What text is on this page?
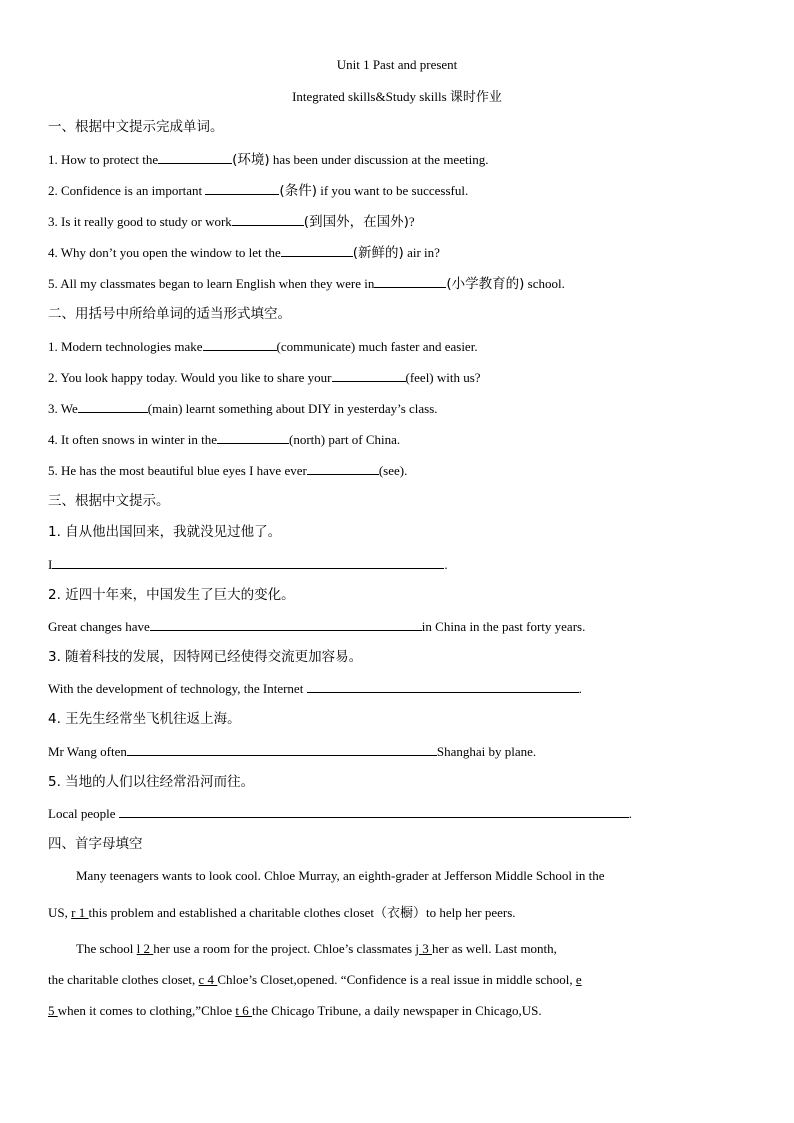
Unit 1 Past and present
Integrated skills&Study skills 课时作业
一、根据中文提示完成单词。
1. How to protect the	(环境) has been under discussion at the meeting.
2. Confidence is an important	(条件) if you want to be successful.
3. Is it really good to study or work	(到国外，在国外)?
4. Why don’t you open the window to let the	(新鲜的) air in?
5. All my classmates began to learn English when they were in	(小学教育的) school.
二、用括号中所给单词的适当形式填空。
1. Modern technologies make	(communicate) much faster and easier.
2. You look happy today. Would you like to share your	(feel) with us?
3. We	(main) learnt something about DIY in yesterday’s class.
4. It often snows in winter in the	(north) part of China.
5. He has the most beautiful blue eyes I have ever	(see).
三、根据中文提示。
1. 自从他出国回来，我就没见过他了。
I	.
2. 近四十年来，中国发生了巨大的变化。
Great changes have	in China in the past forty years.
3. 随着科技的发展，因特网已经使得交流更加容易。
With the development of technology, the Internet	.
4. 王先生经常坐飞机往返上海。
Mr Wang often	Shanghai by plane.
5. 当地的人们以往经常沿河而往。
Local people	.
四、首字母填空
Many teenagers wants to look cool. Chloe Murray, an eighth-grader at Jefferson Middle School in the
US, r 1 this problem and established a charitable clothes closet（衣橱）to help her peers.
The school l 2 her use a room for the project. Chloe’s classmates j 3 her as well. Last month,
the charitable clothes closet, c 4 Chloe’s Closet,opened. “Confidence is a real issue in middle school, e
5 when it comes to clothing,”Chloe t 6 the Chicago Tribune, a daily newspaper in Chicago,US.
